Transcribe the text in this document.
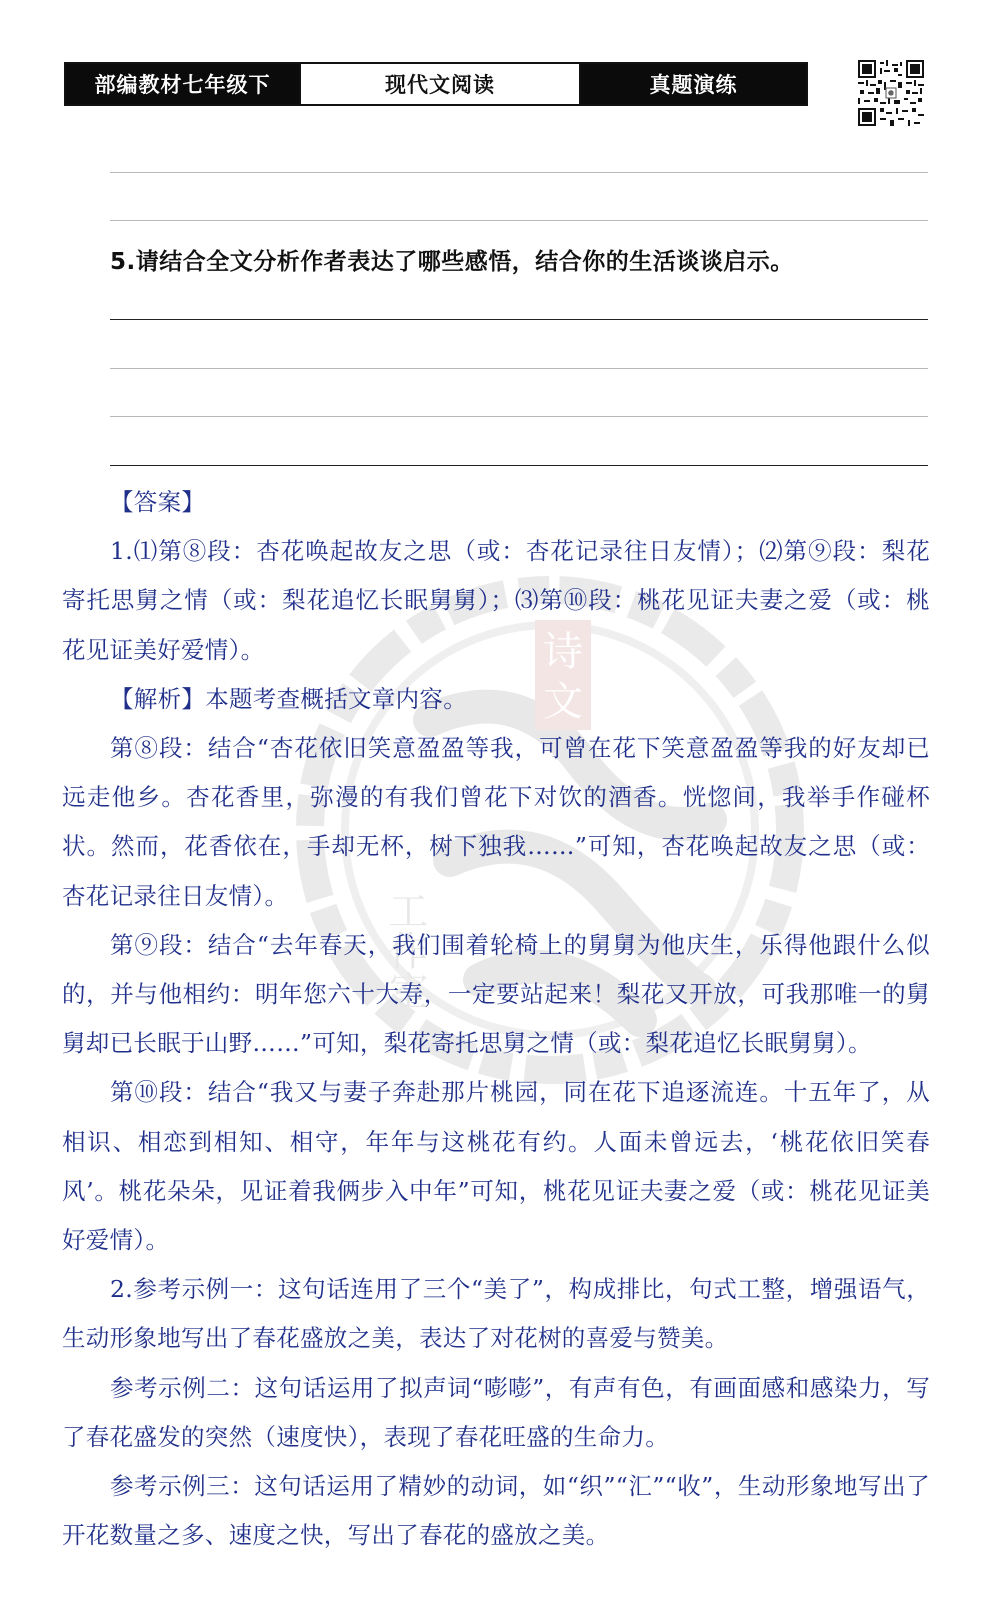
部编教材七年级下	现代文阅读	真题演练
5.请结合全文分析作者表达了哪些感悟，结合你的生活谈谈启示。
诗
文
工作室

【答案】

1.⑴第⑧段：杏花唤起故友之思（或：杏花记录往日友情）；⑵第⑨段：梨花寄托思舅之情（或：梨花追忆长眠舅舅）；⑶第⑩段：桃花见证夫妻之爱（或：桃花见证美好爱情）。

【解析】本题考查概括文章内容。

第⑧段：结合“杏花依旧笑意盈盈等我，可曾在花下笑意盈盈等我的好友却已远走他乡。杏花香里，弥漫的有我们曾花下对饮的酒香。恍惚间，我举手作碰杯状。然而，花香依在，手却无杯，树下独我……”可知，杏花唤起故友之思（或：杏花记录往日友情）。

第⑨段：结合“去年春天，我们围着轮椅上的舅舅为他庆生，乐得他跟什么似的，并与他相约：明年您六十大寿，一定要站起来！梨花又开放，可我那唯一的舅舅却已长眠于山野……”可知，梨花寄托思舅之情（或：梨花追忆长眠舅舅）。

第⑩段：结合“我又与妻子奔赴那片桃园，同在花下追逐流连。十五年了，从相识、相恋到相知、相守，年年与这桃花有约。人面未曾远去，‘桃花依旧笑春风’。桃花朵朵，见证着我俩步入中年”可知，桃花见证夫妻之爱（或：桃花见证美好爱情）。

2.参考示例一：这句话连用了三个“美了”，构成排比，句式工整，增强语气，生动形象地写出了春花盛放之美，表达了对花树的喜爱与赞美。

参考示例二：这句话运用了拟声词“嘭嘭”，有声有色，有画面感和感染力，写了春花盛发的突然（速度快），表现了春花旺盛的生命力。

参考示例三：这句话运用了精妙的动词，如“织”“汇”“收”，生动形象地写出了开花数量之多、速度之快，写出了春花的盛放之美。
